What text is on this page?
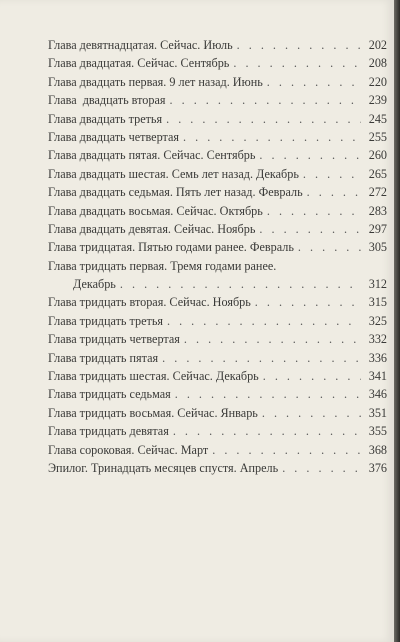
Глава девятнадцатая. Сейчас. Июль . . .	202
Глава двадцатая. Сейчас. Сентябрь . . .	208
Глава двадцать первая. 9 лет назад. Июнь . . .	220
Глава  двадцать вторая . . .	239
Глава двадцать третья . . .	245
Глава двадцать четвертая . . .	255
Глава двадцать пятая. Сейчас. Сентябрь . . .	260
Глава двадцать шестая. Семь лет назад. Декабрь . . .	265
Глава двадцать седьмая. Пять лет назад. Февраль . . .	272
Глава двадцать восьмая. Сейчас. Октябрь . . .	283
Глава двадцать девятая. Сейчас. Ноябрь . . .	297
Глава тридцатая. Пятью годами ранее. Февраль . . .	305
Глава тридцать первая. Тремя годами ранее.
Декабрь . . .	312
Глава тридцать вторая. Сейчас. Ноябрь . . .	315
Глава тридцать третья . . .	325
Глава тридцать четвертая . . .	332
Глава тридцать пятая . . .	336
Глава тридцать шестая. Сейчас. Декабрь . . .	341
Глава тридцать седьмая . . .	346
Глава тридцать восьмая. Сейчас. Январь . . .	351
Глава тридцать девятая . . .	355
Глава сороковая. Сейчас. Март . . .	368
Эпилог. Тринадцать месяцев спустя. Апрель . . .	376
